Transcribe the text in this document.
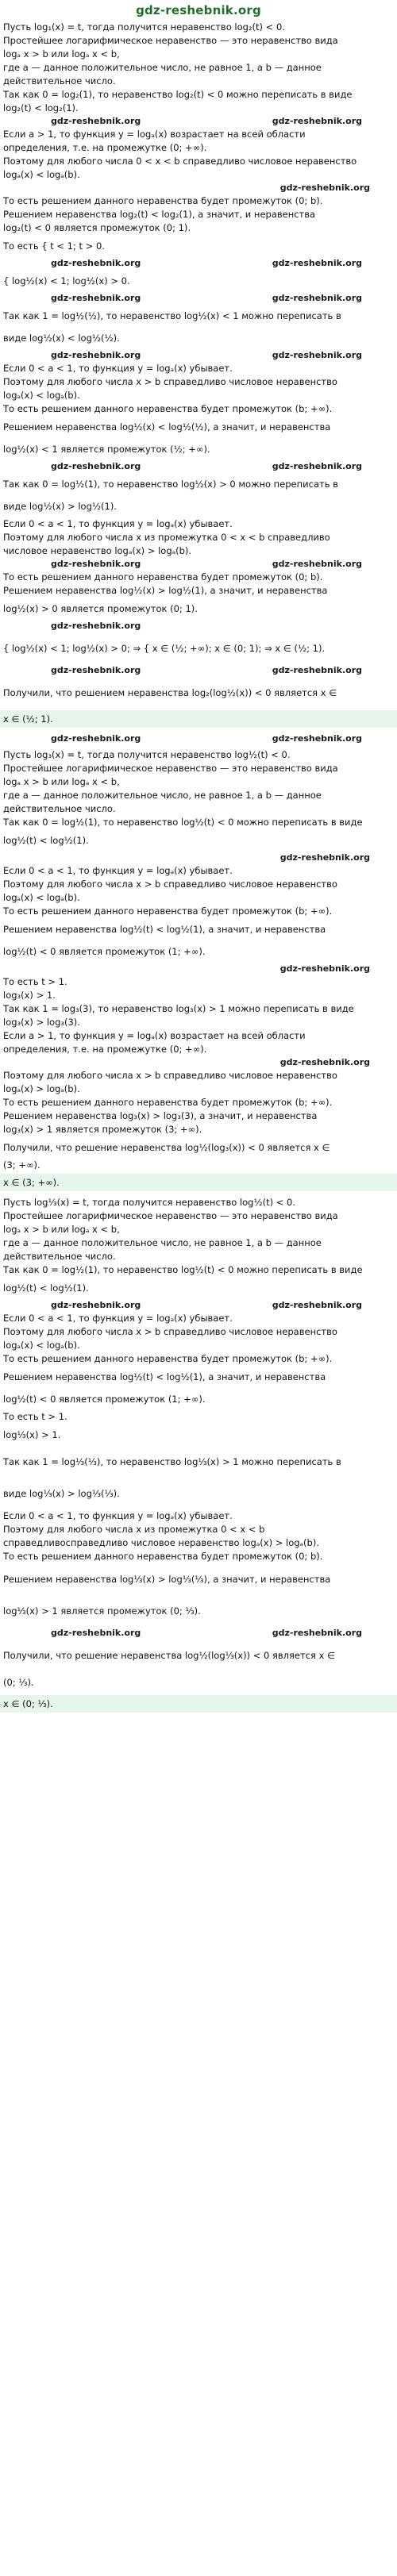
gdz-reshebnik.org
Пусть log₁(x) = t, тогда получится неравенство log₂(t) < 0.
Простейшее логарифмическое неравенство — это неравенство вида
logₐ x > b или logₐ x < b,
где a — данное положительное число, не равное 1, a b — данное
действительное число.
Так как 0 = log₂(1), то неравенство log₂(t) < 0 можно переписать в виде
log₂(t) < log₂(1).
gdz-reshebnik.org	gdz-reshebnik.org
Если a > 1, то функция y = logₐ(x) возрастает на всей области
определения, т.е. на промежутке (0; +∞).
Поэтому для любого числа 0 < x < b справедливо числовое неравенство
logₐ(x) < logₐ(b).
gdz-reshebnik.org
То есть решением данного неравенства будет промежуток (0; b).
Решением неравенства log₂(t) < log₂(1), а значит, и неравенства
log₂(t) < 0 является промежуток (0; 1).
То есть { t < 1; t > 0.
gdz-reshebnik.org	gdz-reshebnik.org
{ log½(x) < 1; log½(x) > 0.
gdz-reshebnik.org	gdz-reshebnik.org
Так как 1 = log½(½), то неравенство log½(x) < 1 можно переписать в
виде log½(x) < log½(½).
gdz-reshebnik.org	gdz-reshebnik.org
Если 0 < a < 1, то функция y = logₐ(x) убывает.
Поэтому для любого числа x > b справедливо числовое неравенство
logₐ(x) < logₐ(b).
То есть решением данного неравенства будет промежуток (b; +∞).
Решением неравенства log½(x) < log½(½), а значит, и неравенства
log½(x) < 1 является промежуток (½; +∞).
gdz-reshebnik.org	gdz-reshebnik.org
Так как 0 = log½(1), то неравенство log½(x) > 0 можно переписать в
виде log½(x) > log½(1).
Если 0 < a < 1, то функция y = logₐ(x) убывает.
Поэтому для любого числа x из промежутка 0 < x < b справедливо
числовое неравенство logₐ(x) > logₐ(b).
gdz-reshebnik.org	gdz-reshebnik.org
То есть решением данного неравенства будет промежуток (0; b).
Решением неравенства log½(x) > log½(1), а значит, и неравенства
log½(x) > 0 является промежуток (0; 1).
gdz-reshebnik.org
{ log½(x) < 1; log½(x) > 0; ⇒ { x ∈ (½; +∞); x ∈ (0; 1); ⇒ x ∈ (½; 1).
gdz-reshebnik.org	gdz-reshebnik.org
Получили, что решением неравенства log₂(log½(x)) < 0 является x ∈
x ∈ (½; 1).
gdz-reshebnik.org	gdz-reshebnik.org
Пусть log₃(x) = t, тогда получится неравенство log½(t) < 0.
Простейшее логарифмическое неравенство — это неравенство вида
logₐ x > b или logₐ x < b,
где a — данное положительное число, не равное 1, a b — данное
действительное число.
Так как 0 = log½(1), то неравенство log½(t) < 0 можно переписать в виде
log½(t) < log½(1).
gdz-reshebnik.org
Если 0 < a < 1, то функция y = logₐ(x) убывает.
Поэтому для любого числа x > b справедливо числовое неравенство
logₐ(x) < logₐ(b).
То есть решением данного неравенства будет промежуток (b; +∞).
Решением неравенства log½(t) < log½(1), а значит, и неравенства
log½(t) < 0 является промежуток (1; +∞).
gdz-reshebnik.org
То есть t > 1.
log₃(x) > 1.
Так как 1 = log₃(3), то неравенство log₃(x) > 1 можно переписать в виде
log₃(x) > log₃(3).
Если a > 1, то функция y = logₐ(x) возрастает на всей области
определения, т.е. на промежутке (0; +∞).
gdz-reshebnik.org
Поэтому для любого числа x > b справедливо числовое неравенство
logₐ(x) > logₐ(b).
То есть решением данного неравенства будет промежуток (b; +∞).
Решением неравенства log₃(x) > log₃(3), а значит, и неравенства
log₃(x) > 1 является промежуток (3; +∞).
Получили, что решение неравенства log½(log₃(x)) < 0 является x ∈
(3; +∞).
x ∈ (3; +∞).
Пусть log⅓(x) = t, тогда получится неравенство log½(t) < 0.
Простейшее логарифмическое неравенство — это неравенство вида
logₐ x > b или logₐ x < b,
где a — данное положительное число, не равное 1, a b — данное
действительное число.
Так как 0 = log½(1), то неравенство log½(t) < 0 можно переписать в виде
log½(t) < log½(1).
gdz-reshebnik.org	gdz-reshebnik.org
Если 0 < a < 1, то функция y = logₐ(x) убывает.
Поэтому для любого числа x > b справедливо числовое неравенство
logₐ(x) < logₐ(b).
То есть решением данного неравенства будет промежуток (b; +∞).
Решением неравенства log½(t) < log½(1), а значит, и неравенства
log½(t) < 0 является промежуток (1; +∞).
То есть t > 1.
log⅓(x) > 1.
Так как 1 = log⅓(⅓), то неравенство log⅓(x) > 1 можно переписать в
виде log⅓(x) > log⅓(⅓).
Если 0 < a < 1, то функция y = logₐ(x) убывает.
Поэтому для любого числа x из промежутка 0 < x < b
справедливосправедливо числовое неравенство logₐ(x) > logₐ(b).
То есть решением данного неравенства будет промежуток (0; b).
Решением неравенства log⅓(x) > log⅓(⅓), а значит, и неравенства
log⅓(x) > 1 является промежуток (0; ⅓).
gdz-reshebnik.org	gdz-reshebnik.org
Получили, что решение неравенства log½(log⅓(x)) < 0 является x ∈
(0; ⅓).
x ∈ (0; ⅓).
